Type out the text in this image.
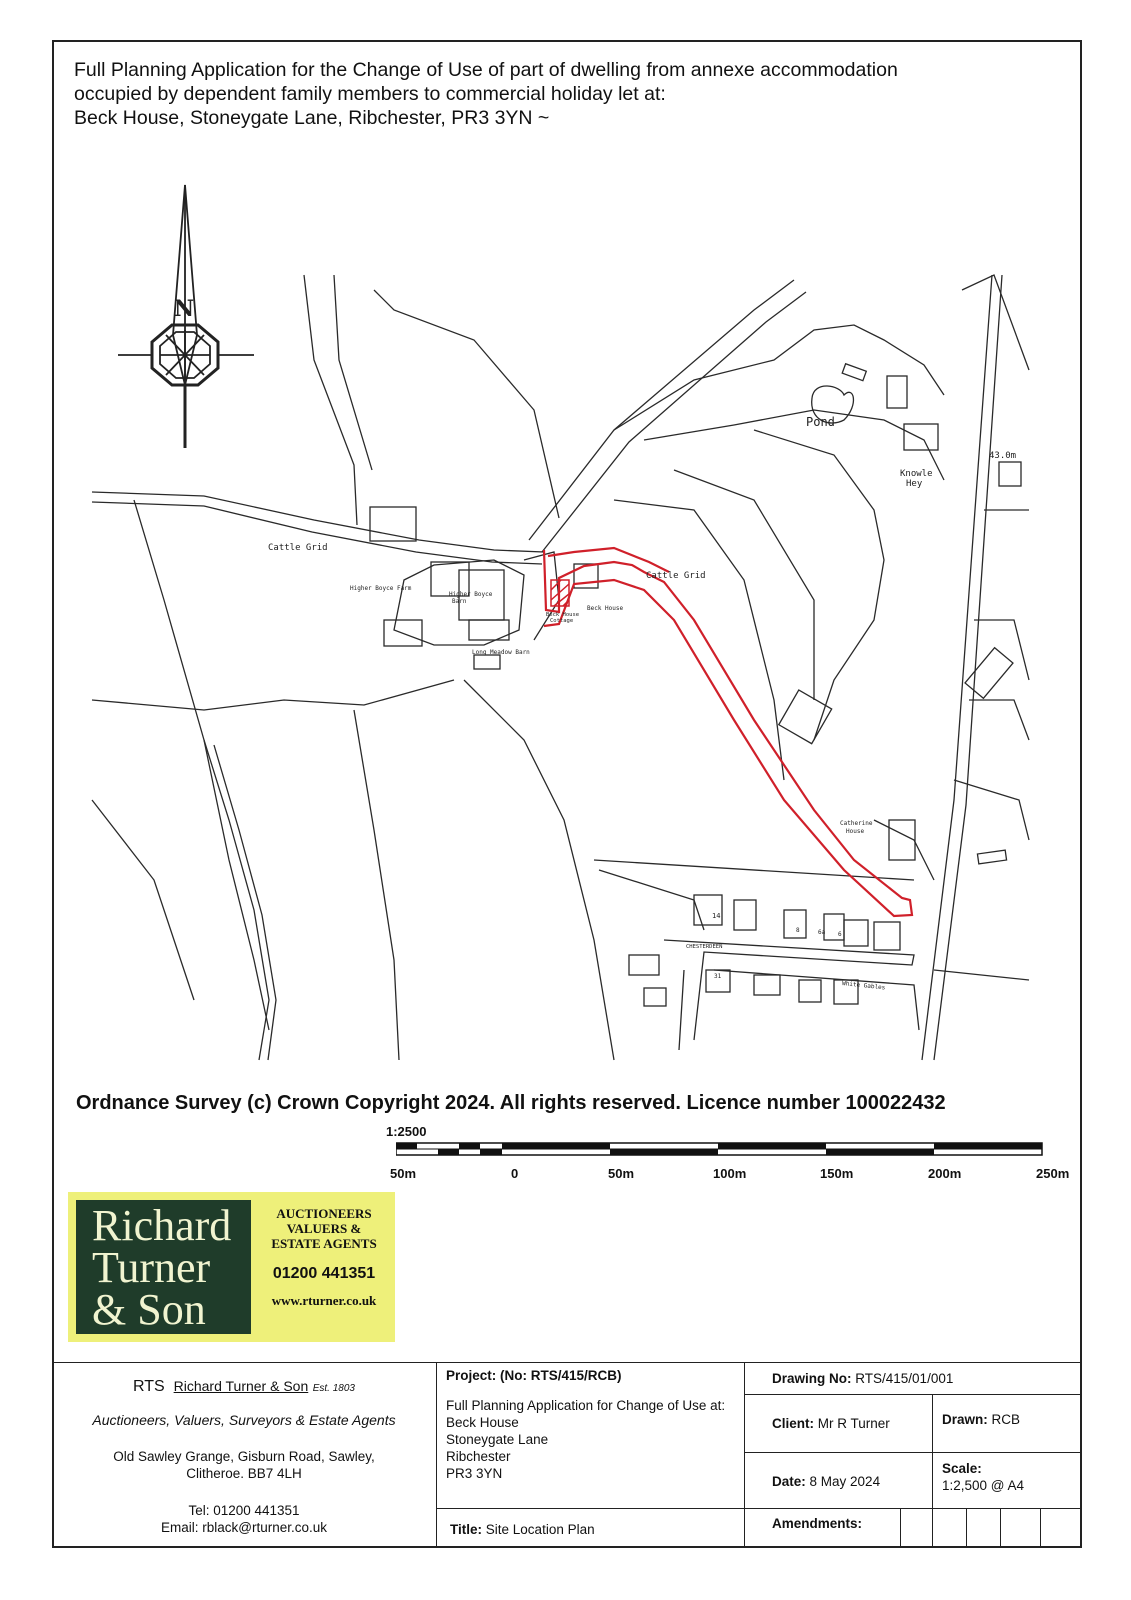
Full Planning Application for the Change of Use of part of dwelling from annexe accommodation
occupied by dependent family members to commercial holiday let at:
Beck House, Stoneygate Lane, Ribchester, PR3 3YN ~
N
Pond
Knowle
Hey
43.0m
Cattle Grid
Cattle Grid
Higher Boyce Farm
Higher Boyce
Barn
Beck House
Beck House
Cottage
Long Meadow Barn
Catherine
House
14
8	6a 6
31
CHESTERDEEN
White Gables
Ordnance Survey (c) Crown Copyright 2024. All rights reserved. Licence number 100022432
1:2500
50m	0	50m	100m	150m	200m	250m
Richard
Turner
& Son
AUCTIONEERS
VALUERS &
ESTATE AGENTS
01200 441351
www.rturner.co.uk
RTS Richard Turner & Son Est. 1803
Auctioneers, Valuers, Surveyors & Estate Agents
Old Sawley Grange, Gisburn Road, Sawley,
Clitheroe. BB7 4LH
Tel: 01200 441351
Email: rblack@rturner.co.uk
Project: (No: RTS/415/RCB)
Full Planning Application for Change of Use at:
Beck House
Stoneygate Lane
Ribchester
PR3 3YN
Title: Site Location Plan
Drawing No: RTS/415/01/001
Client: Mr R Turner	Drawn: RCB
Date: 8 May 2024
Scale:
1:2,500 @ A4
Amendments:
